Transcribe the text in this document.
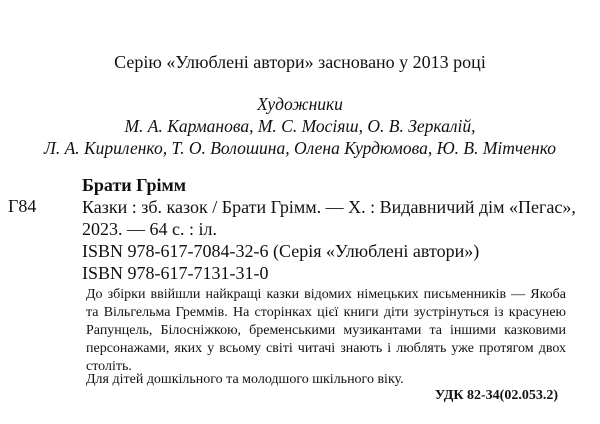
Серію «Улюблені автори» засновано у 2013 році
Художники
М. А. Карманова, М. С. Мосіяш, О. В. Зеркалій,
Л. А. Кириленко, Т. О. Волошина, Олена Курдюмова, Ю. В. Мітченко
Брати Грімм
Г84	Казки : зб. казок / Брати Грімм. — Х. : Видавничий дім «Пегас»,
2023. — 64 с. : іл.
ISBN 978-617-7084-32-6 (Серія «Улюблені автори»)
ISBN 978-617-7131-31-0
До збірки ввійшли найкращі казки відомих німецьких письменників — Якоба та Вільгельма Греммів. На сторінках цієї книги діти зустрінуться із красунею Рапунцель, Білосніжкою, бременськими музикантами та іншими казковими персонажами, яких у всьому світі читачі знають і люблять уже протягом двох століть.
Для дітей дошкільного та молодшого шкільного віку.
УДК 82-34(02.053.2)
